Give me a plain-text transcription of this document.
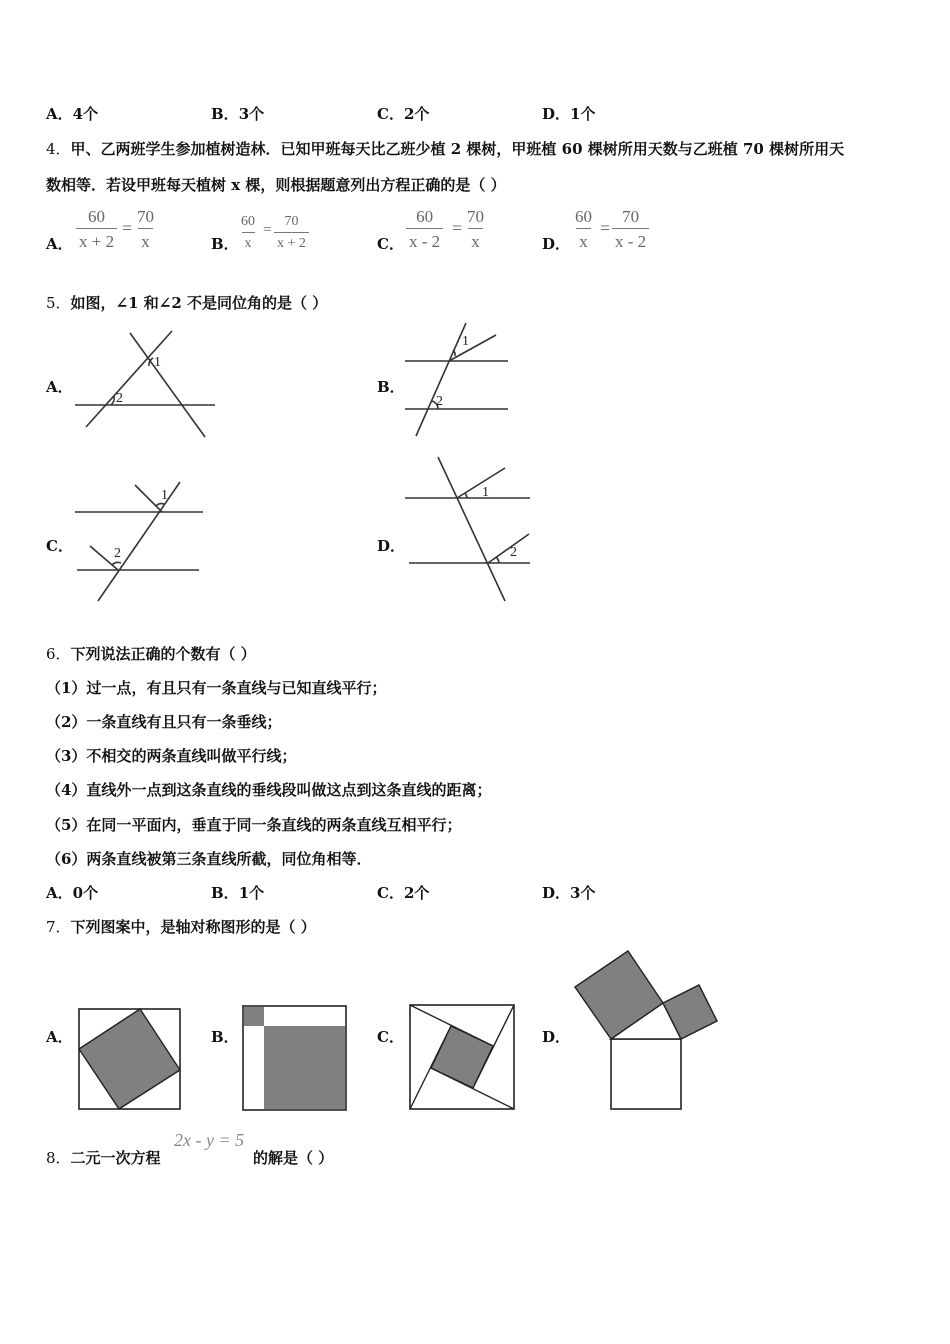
A．4个	B．3个	C．2个	D．1个
4．甲、乙两班学生参加植树造林．已知甲班每天比乙班少植 2 棵树，甲班植 60 棵树所用天数与乙班植 70 棵树所用天
数相等．若设甲班每天植树 x 棵，则根据题意列出方程正确的是（ ）
A． $\frac{60}{x + 2} = \frac{70}{x}$	B． $\frac{60}{x} = \frac{70}{x + 2}$	C． $\frac{60}{x - 2} = \frac{70}{x}$	D． $\frac{60}{x} = \frac{70}{x - 2}$
5．如图，∠1 和∠2 不是同位角的是（ ）
A．
1
2
B．
1
2
C．
1
2	D．
1
2
6．下列说法正确的个数有（ ）
（1）过一点，有且只有一条直线与已知直线平行；
（2）一条直线有且只有一条垂线；
（3）不相交的两条直线叫做平行线；
（4）直线外一点到这条直线的垂线段叫做这点到这条直线的距离；
（5）在同一平面内，垂直于同一条直线的两条直线互相平行；
（6）两条直线被第三条直线所截，同位角相等．
A．0个	B．1个	C．2个	D．3个
7．下列图案中，是轴对称图形的是（ ）
A．	B．	C．	D．
8．二元一次方程
2x - y = 5
的解是（ ）
